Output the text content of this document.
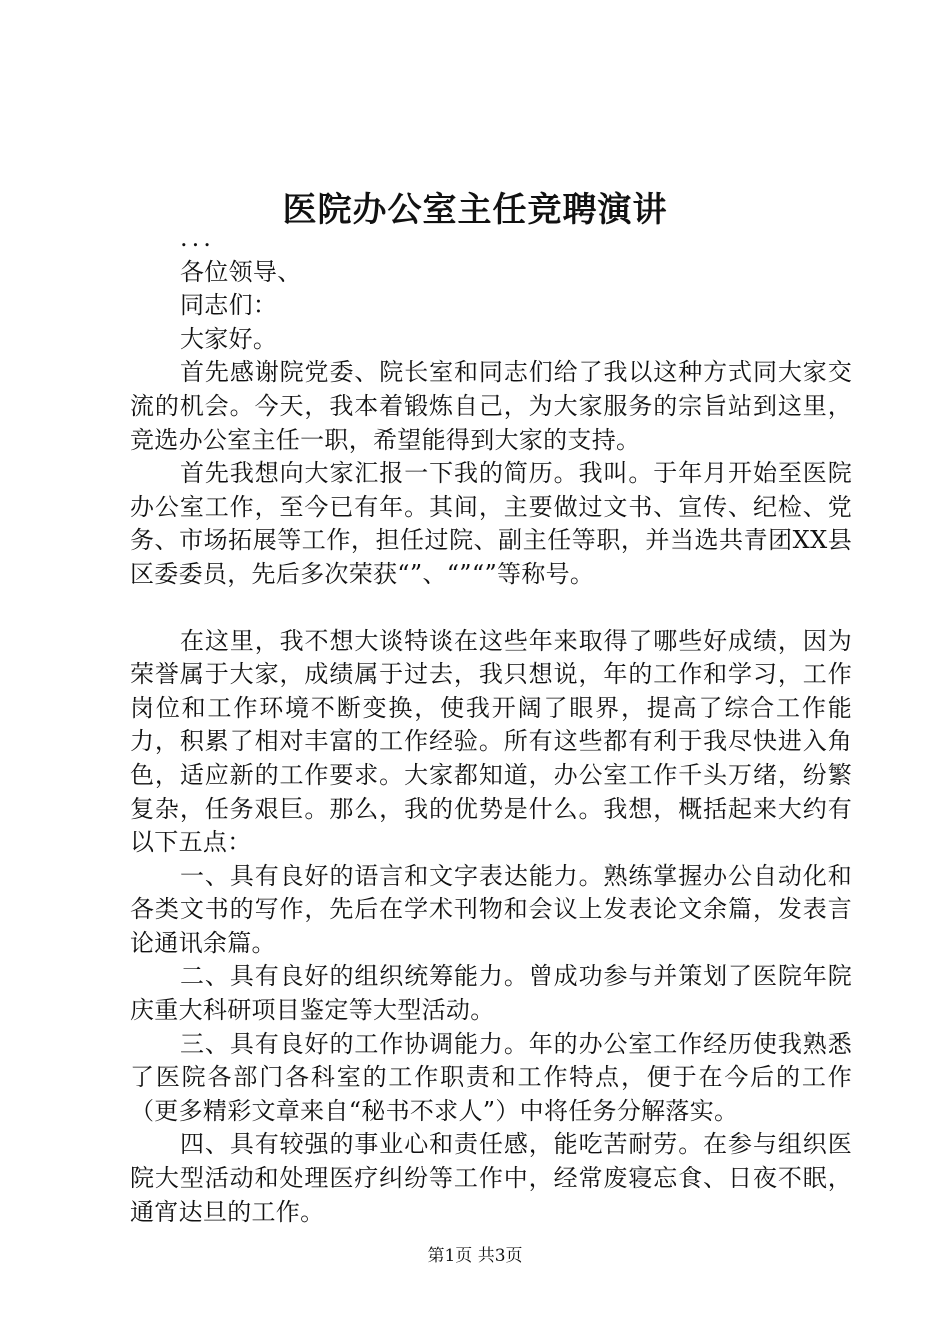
医院办公室主任竞聘演讲

...

各位领导、

同志们：

大家好。

首先感谢院党委、院长室和同志们给了我以这种方式同大家交流的机会。今天，我本着锻炼自己，为大家服务的宗旨站到这里，竞选办公室主任一职，希望能得到大家的支持。

首先我想向大家汇报一下我的简历。我叫。于年月开始至医院办公室工作，至今已有年。其间，主要做过文书、宣传、纪检、党务、市场拓展等工作，担任过院、副主任等职，并当选共青团XX县区委委员，先后多次荣获“”、“”“”等称号。

在这里，我不想大谈特谈在这些年来取得了哪些好成绩，因为荣誉属于大家，成绩属于过去，我只想说，年的工作和学习，工作岗位和工作环境不断变换，使我开阔了眼界，提高了综合工作能力，积累了相对丰富的工作经验。所有这些都有利于我尽快进入角色，适应新的工作要求。大家都知道，办公室工作千头万绪，纷繁复杂，任务艰巨。那么，我的优势是什么。我想，概括起来大约有以下五点：

一、具有良好的语言和文字表达能力。熟练掌握办公自动化和各类文书的写作，先后在学术刊物和会议上发表论文余篇，发表言论通讯余篇。

二、具有良好的组织统筹能力。曾成功参与并策划了医院年院庆重大科研项目鉴定等大型活动。

三、具有良好的工作协调能力。年的办公室工作经历使我熟悉了医院各部门各科室的工作职责和工作特点，便于在今后的工作（更多精彩文章来自“秘书不求人”）中将任务分解落实。

四、具有较强的事业心和责任感，能吃苦耐劳。在参与组织医院大型活动和处理医疗纠纷等工作中，经常废寝忘食、日夜不眠，通宵达旦的工作。

第1页 共3页
